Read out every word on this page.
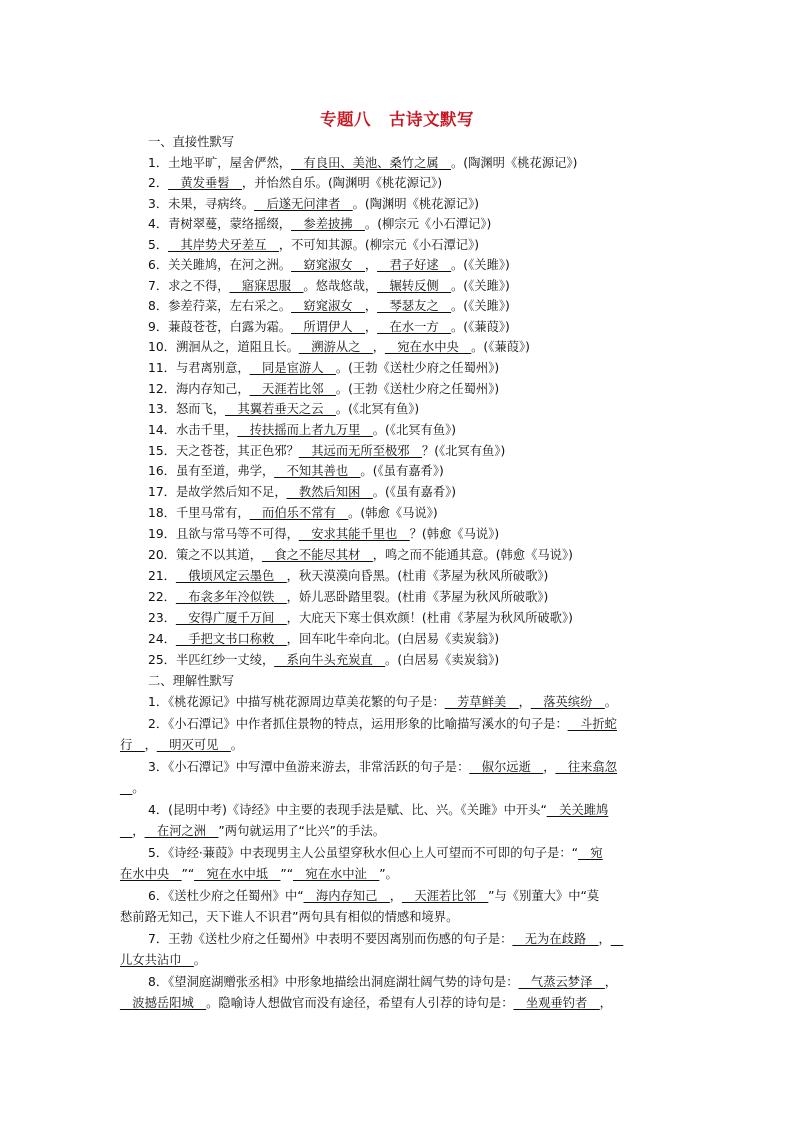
专题八 古诗文默写
一、直接性默写
1．土地平旷，屋舍俨然，__有良田、美池、桑竹之属__。(陶渊明《桃花源记》)
2．__黄发垂髫__，并怡然自乐。(陶渊明《桃花源记》)
3．未果，寻病终。__后遂无问津者__。(陶渊明《桃花源记》)
4．青树翠蔓，蒙络摇缀，__参差披拂__。(柳宗元《小石潭记》)
5．__其岸势犬牙差互__，不可知其源。(柳宗元《小石潭记》)
6．关关雎鸠，在河之洲。__窈窕淑女__，__君子好逑__。(《关雎》)
7．求之不得，__寤寐思服__。悠哉悠哉，__辗转反侧__。(《关雎》)
8．参差荇菜，左右采之。__窈窕淑女__，__琴瑟友之__。(《关雎》)
9．蒹葭苍苍，白露为霜。__所谓伊人__，__在水一方__。(《蒹葭》)
10．溯洄从之，道阻且长。__溯游从之__，__宛在水中央__。(《蒹葭》)
11．与君离别意，__同是宦游人__。(王勃《送杜少府之任蜀州》)
12．海内存知己，__天涯若比邻__。(王勃《送杜少府之任蜀州》)
13．怒而飞，__其翼若垂天之云__。(《北冥有鱼》)
14．水击千里，__抟扶摇而上者九万里__。(《北冥有鱼》)
15．天之苍苍，其正色邪？__其远而无所至极邪__？(《北冥有鱼》)
16．虽有至道，弗学，__不知其善也__。(《虽有嘉肴》)
17．是故学然后知不足，__教然后知困__。(《虽有嘉肴》)
18．千里马常有，__而伯乐不常有__。(韩愈《马说》)
19．且欲与常马等不可得，__安求其能千里也__？(韩愈《马说》)
20．策之不以其道，__食之不能尽其材__，鸣之而不能通其意。(韩愈《马说》)
21．__俄顷风定云墨色__，秋天漠漠向昏黑。(杜甫《茅屋为秋风所破歌》)
22．__布衾多年冷似铁__，娇儿恶卧踏里裂。(杜甫《茅屋为秋风所破歌》)
23．__安得广厦千万间__，大庇天下寒士俱欢颜！(杜甫《茅屋为秋风所破歌》)
24．__手把文书口称敕__，回车叱牛牵向北。(白居易《卖炭翁》)
25．半匹红纱一丈绫，__系向牛头充炭直__。(白居易《卖炭翁》)
二、理解性默写
1．《桃花源记》中描写桃花源周边草美花繁的句子是：__芳草鲜美__，__落英缤纷__。
2．《小石潭记》中作者抓住景物的特点，运用形象的比喻描写溪水的句子是：__斗折蛇
行__，__明灭可见__。
3．《小石潭记》中写潭中鱼游来游去，非常活跃的句子是：__俶尔远逝__，__往来翕忽
__。
4．(昆明中考)《诗经》中主要的表现手法是赋、比、兴。《关雎》中开头“__关关雎鸠
__，__在河之洲__”两句就运用了“比兴”的手法。
5．《诗经·蒹葭》中表现男主人公虽望穿秋水但心上人可望而不可即的句子是：“__宛
在水中央__”“__宛在水中坻__”“__宛在水中沚__”。
6．《送杜少府之任蜀州》中“__海内存知己__，__天涯若比邻__”与《别董大》中“莫
愁前路无知己，天下谁人不识君”两句具有相似的情感和境界。
7．王勃《送杜少府之任蜀州》中表明不要因离别而伤感的句子是：__无为在歧路__，__
儿女共沾巾__。
8．《望洞庭湖赠张丞相》中形象地描绘出洞庭湖壮阔气势的诗句是：__气蒸云梦泽__，
__波撼岳阳城__。隐喻诗人想做官而没有途径，希望有人引荐的诗句是：__坐观垂钓者__，
